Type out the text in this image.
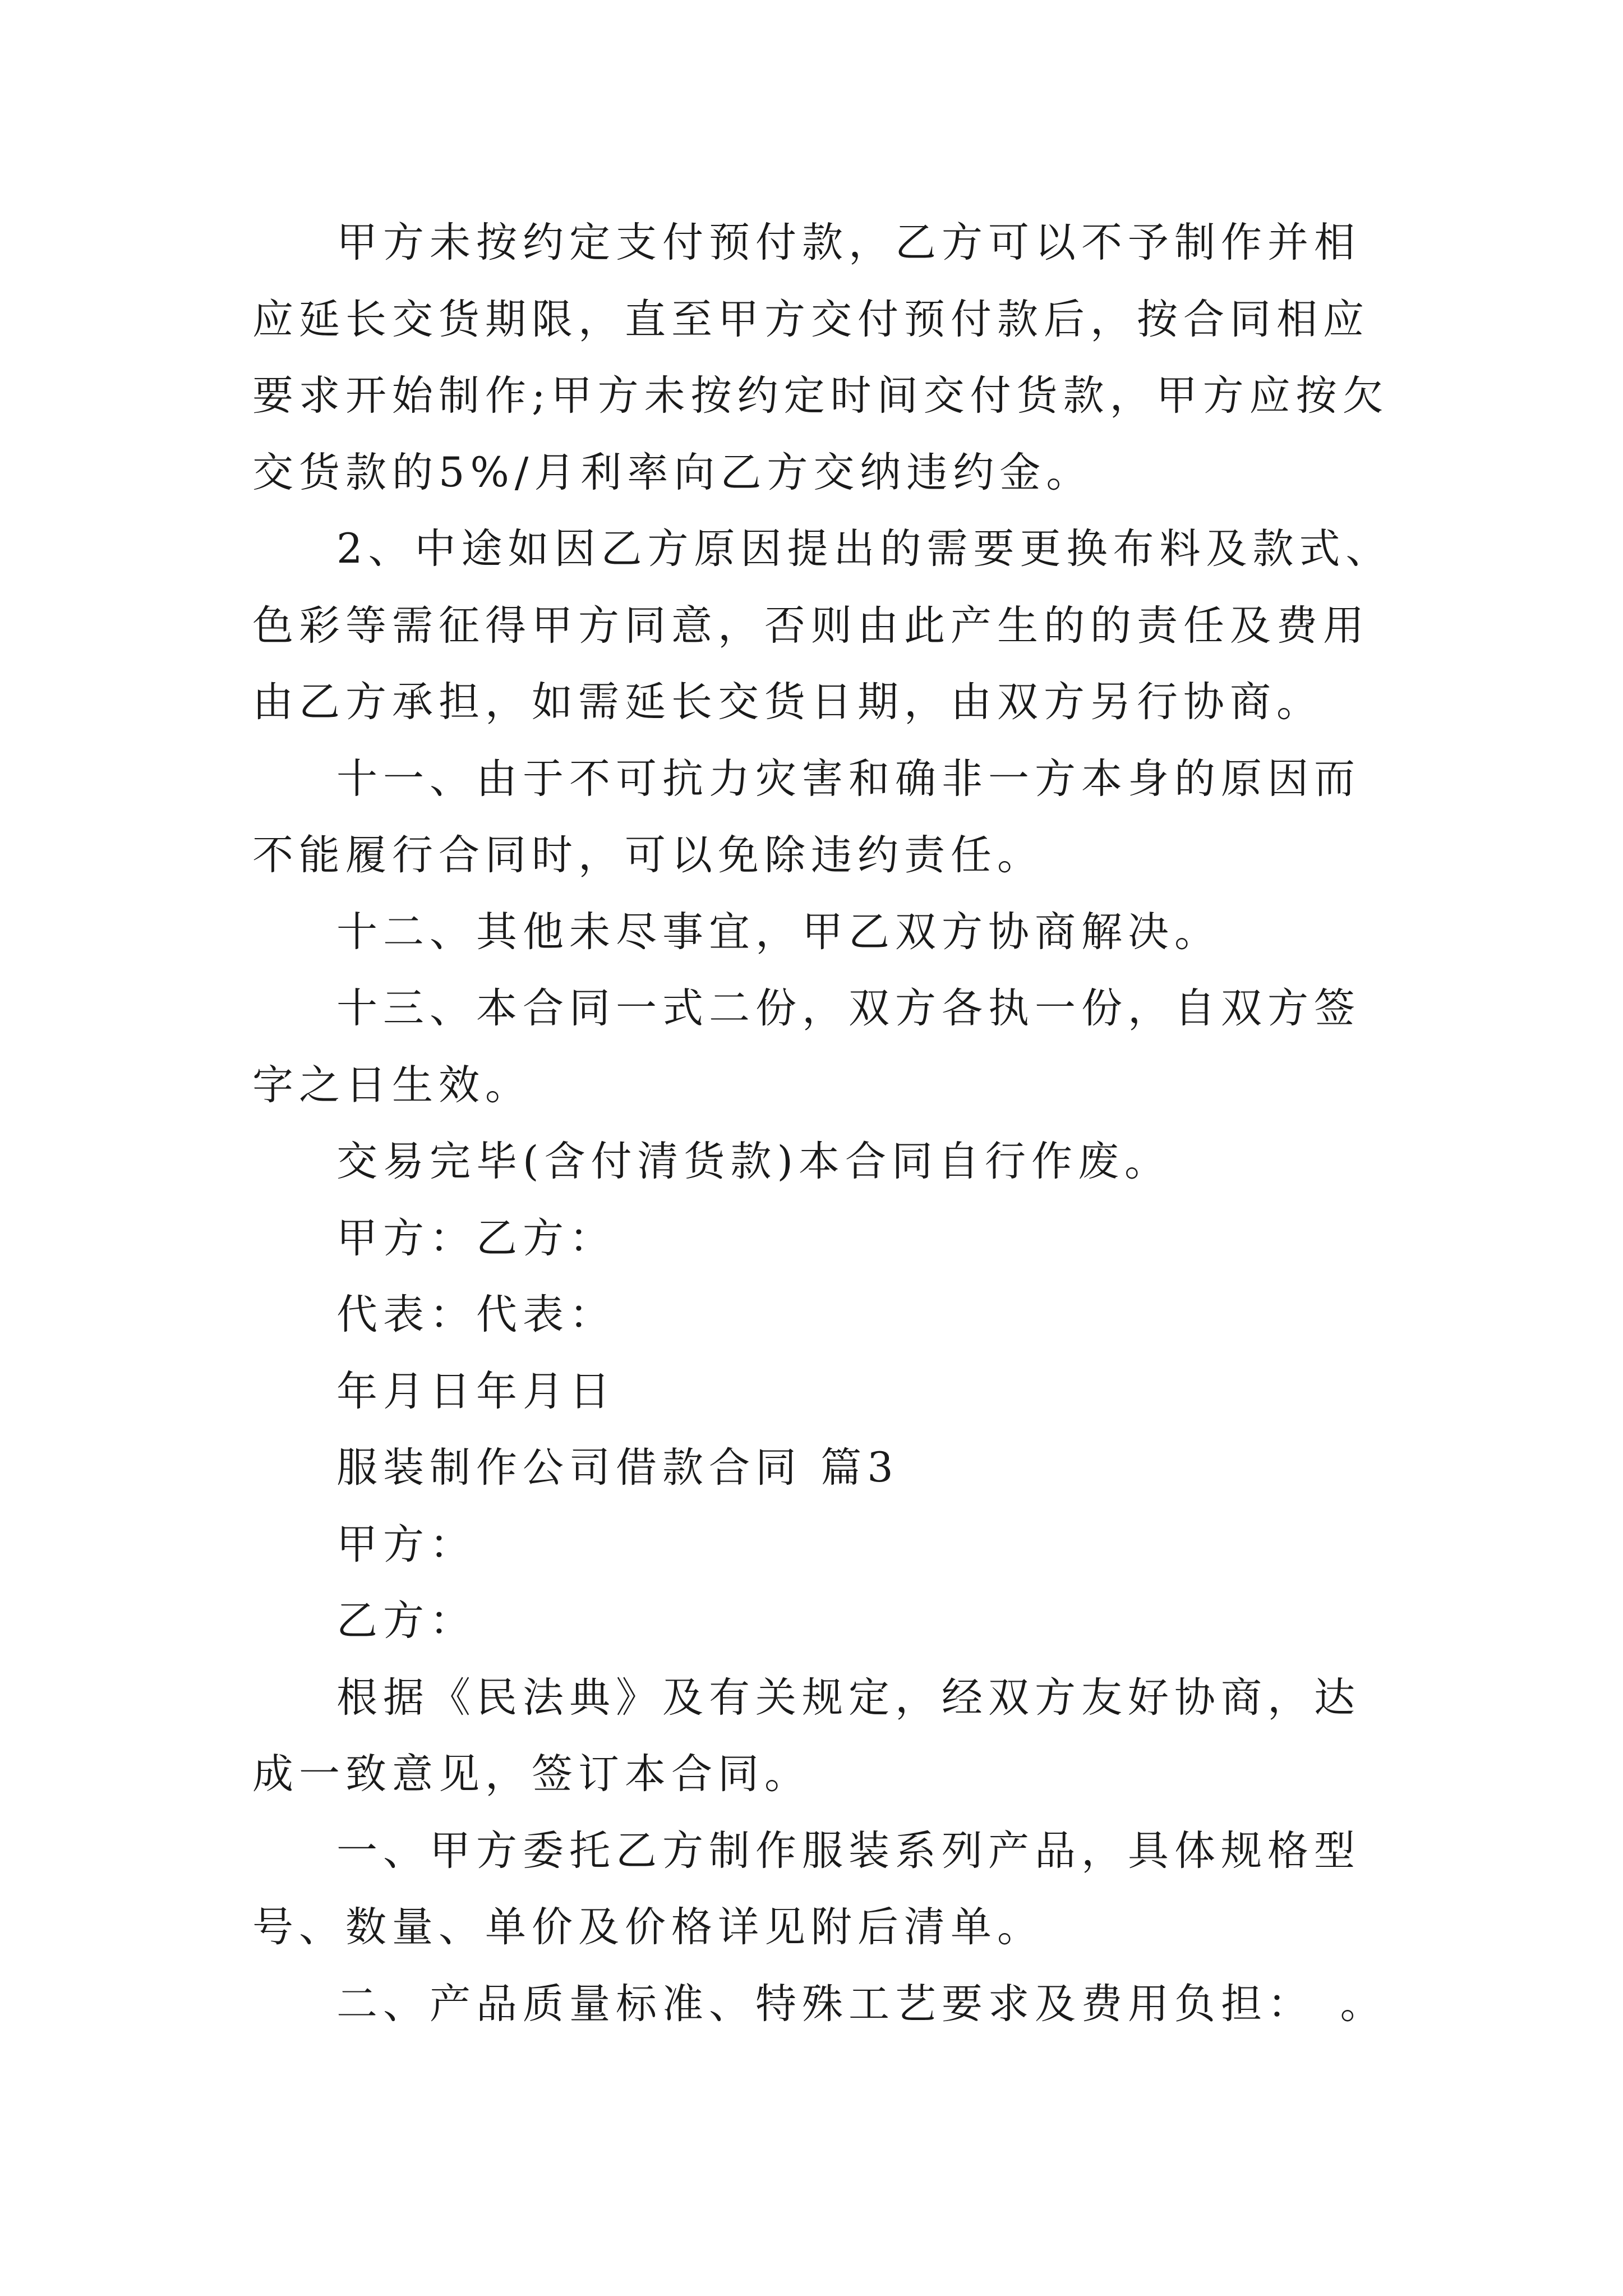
甲方未按约定支付预付款，乙方可以不予制作并相应延长交货期限，直至甲方交付预付款后，按合同相应要求开始制作;甲方未按约定时间交付货款，甲方应按欠交货款的5%/月利率向乙方交纳违约金。

2、中途如因乙方原因提出的需要更换布料及款式、色彩等需征得甲方同意，否则由此产生的的责任及费用由乙方承担，如需延长交货日期，由双方另行协商。

十一、由于不可抗力灾害和确非一方本身的原因而不能履行合同时，可以免除违约责任。

十二、其他未尽事宜，甲乙双方协商解决。

十三、本合同一式二份，双方各执一份，自双方签字之日生效。

交易完毕(含付清货款)本合同自行作废。

甲方：乙方：

代表：代表：

年月日年月日

服装制作公司借款合同 篇3

甲方：

乙方：

根据《民法典》及有关规定，经双方友好协商，达成一致意见，签订本合同。

一、甲方委托乙方制作服装系列产品，具体规格型号、数量、单价及价格详见附后清单。

二、产品质量标准、特殊工艺要求及费用负担：　。
